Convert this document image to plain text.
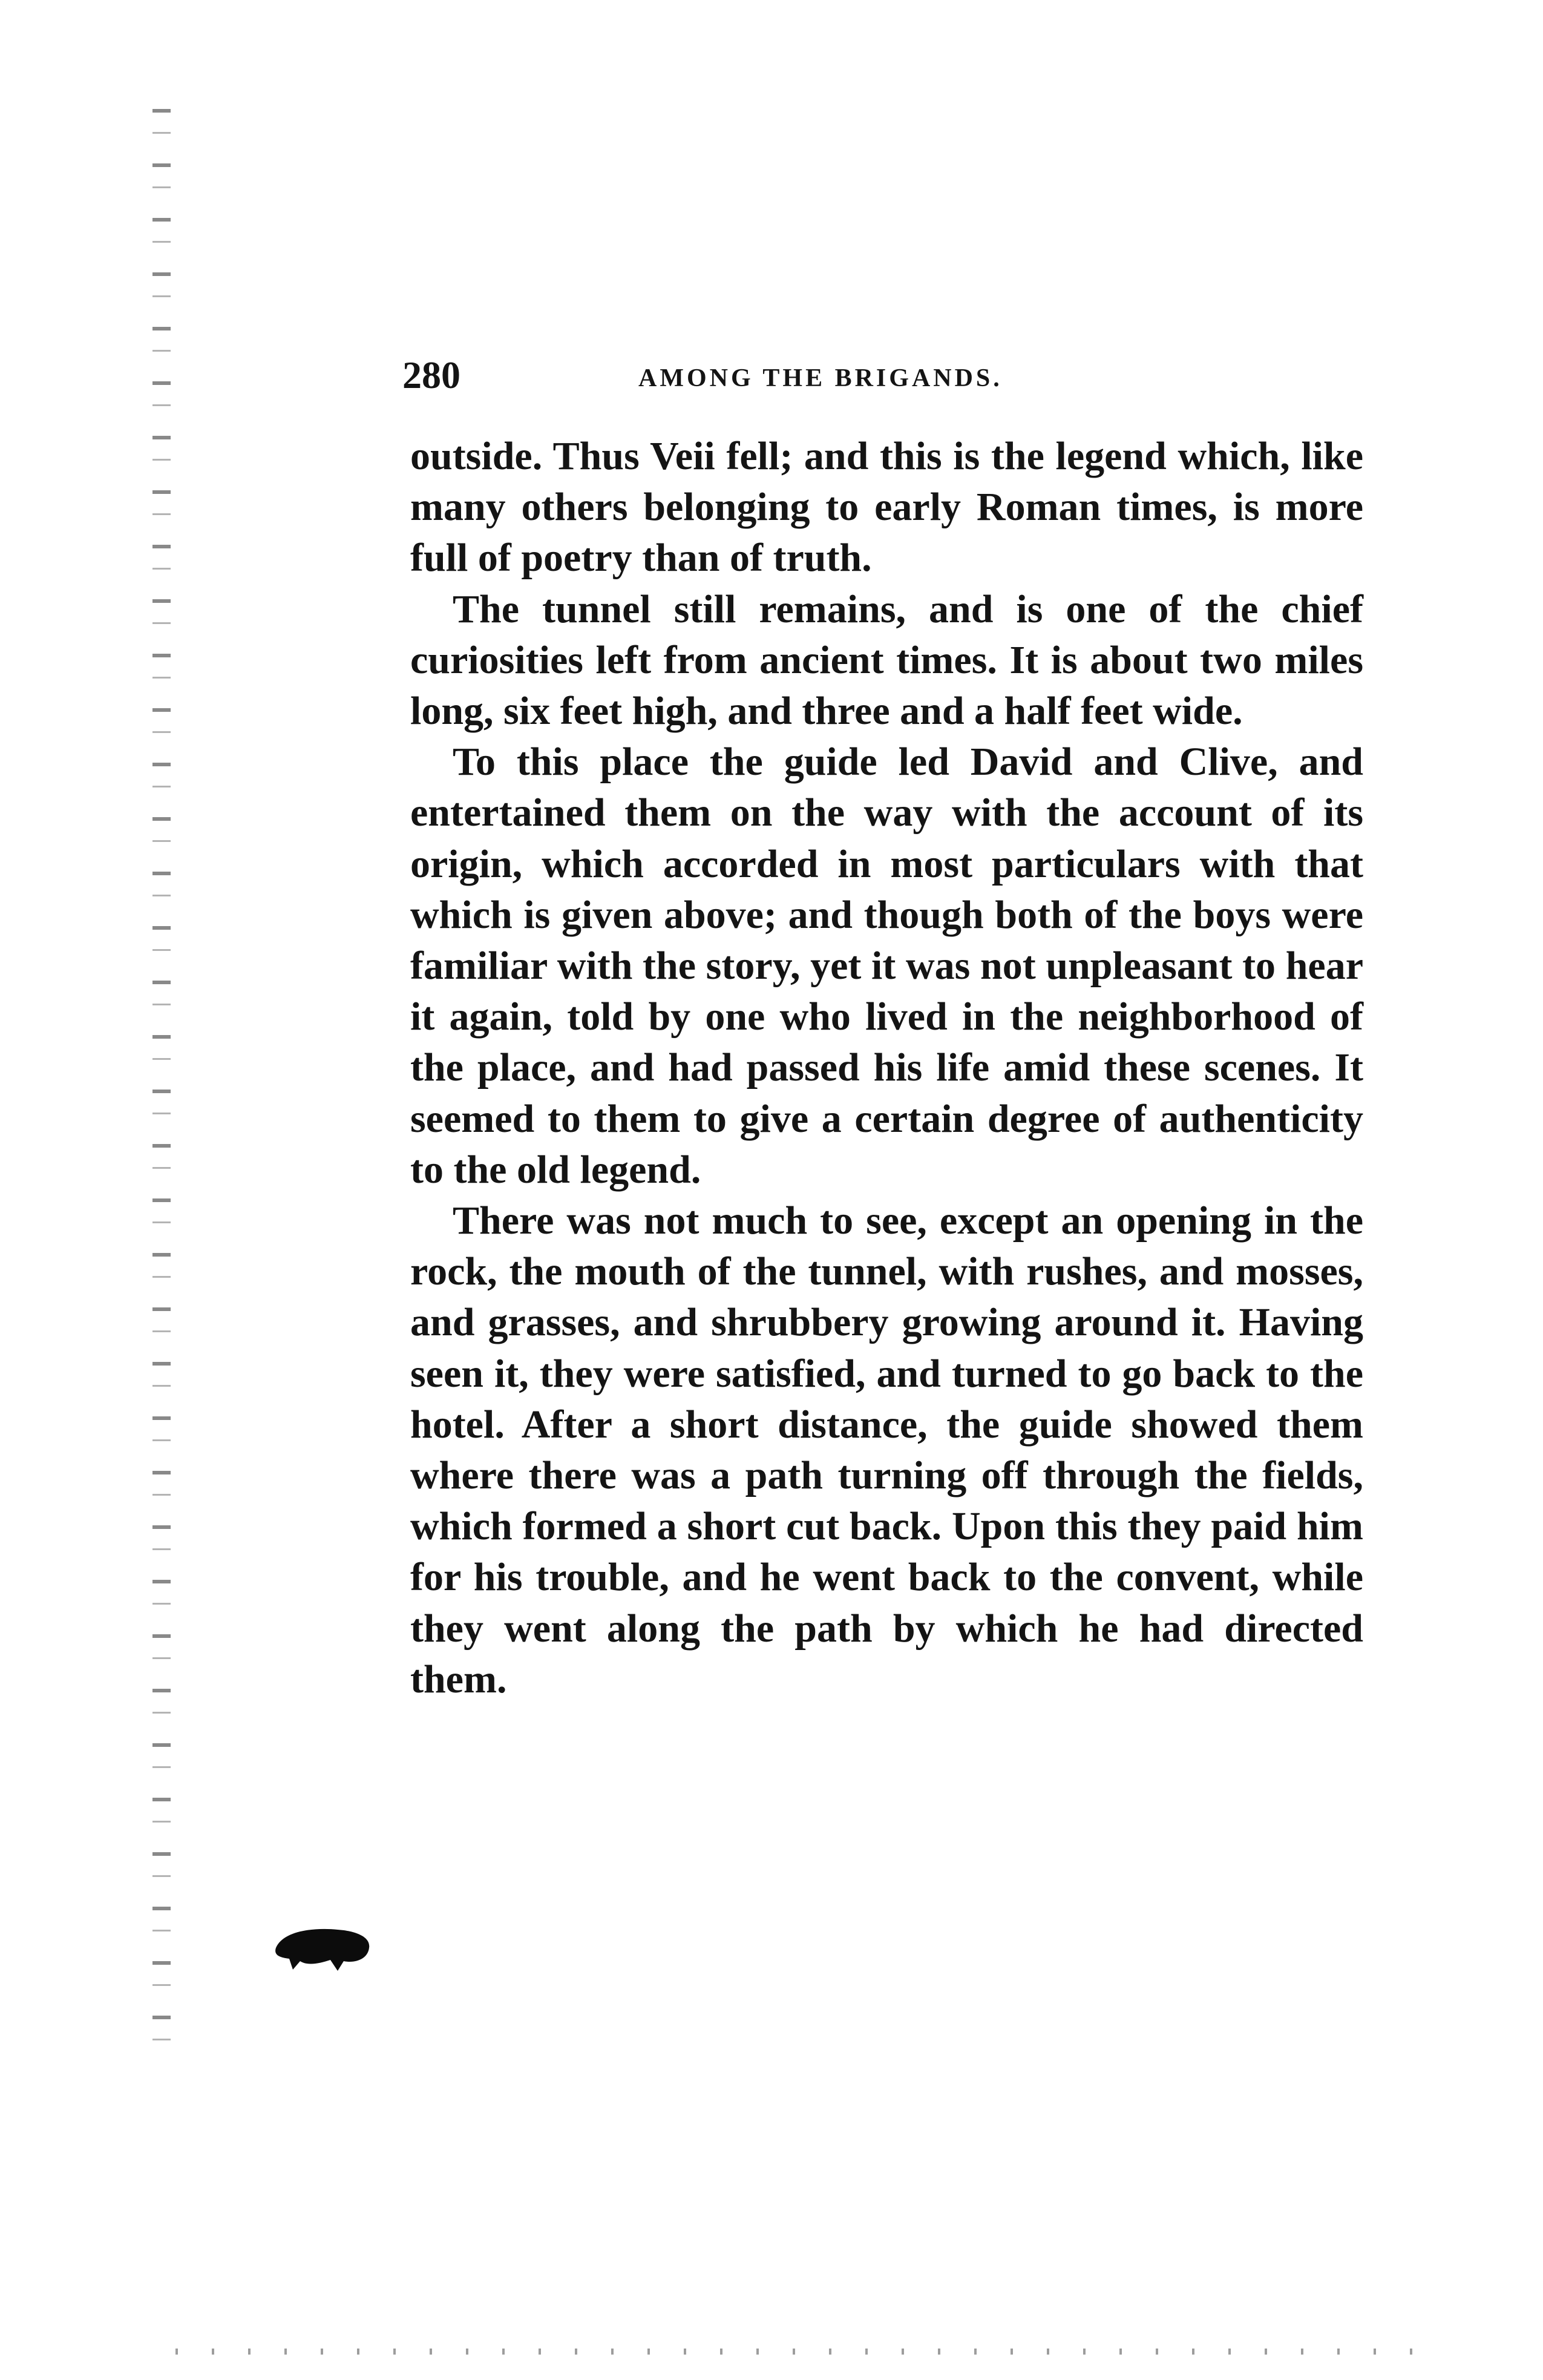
280	AMONG THE BRIGANDS.

outside. Thus Veii fell; and this is the legend which, like many others belonging to early Roman times, is more full of poetry than of truth.

The tunnel still remains, and is one of the chief curiosities left from ancient times. It is about two miles long, six feet high, and three and a half feet wide.

To this place the guide led David and Clive, and entertained them on the way with the account of its origin, which accorded in most particulars with that which is given above; and though both of the boys were familiar with the story, yet it was not unpleasant to hear it again, told by one who lived in the neighborhood of the place, and had passed his life amid these scenes. It seemed to them to give a certain degree of authenticity to the old legend.

There was not much to see, except an opening in the rock, the mouth of the tunnel, with rushes, and mosses, and grasses, and shrubbery growing around it. Having seen it, they were satisfied, and turned to go back to the hotel. After a short distance, the guide showed them where there was a path turning off through the fields, which formed a short cut back. Upon this they paid him for his trouble, and he went back to the convent, while they went along the path by which he had directed them.
